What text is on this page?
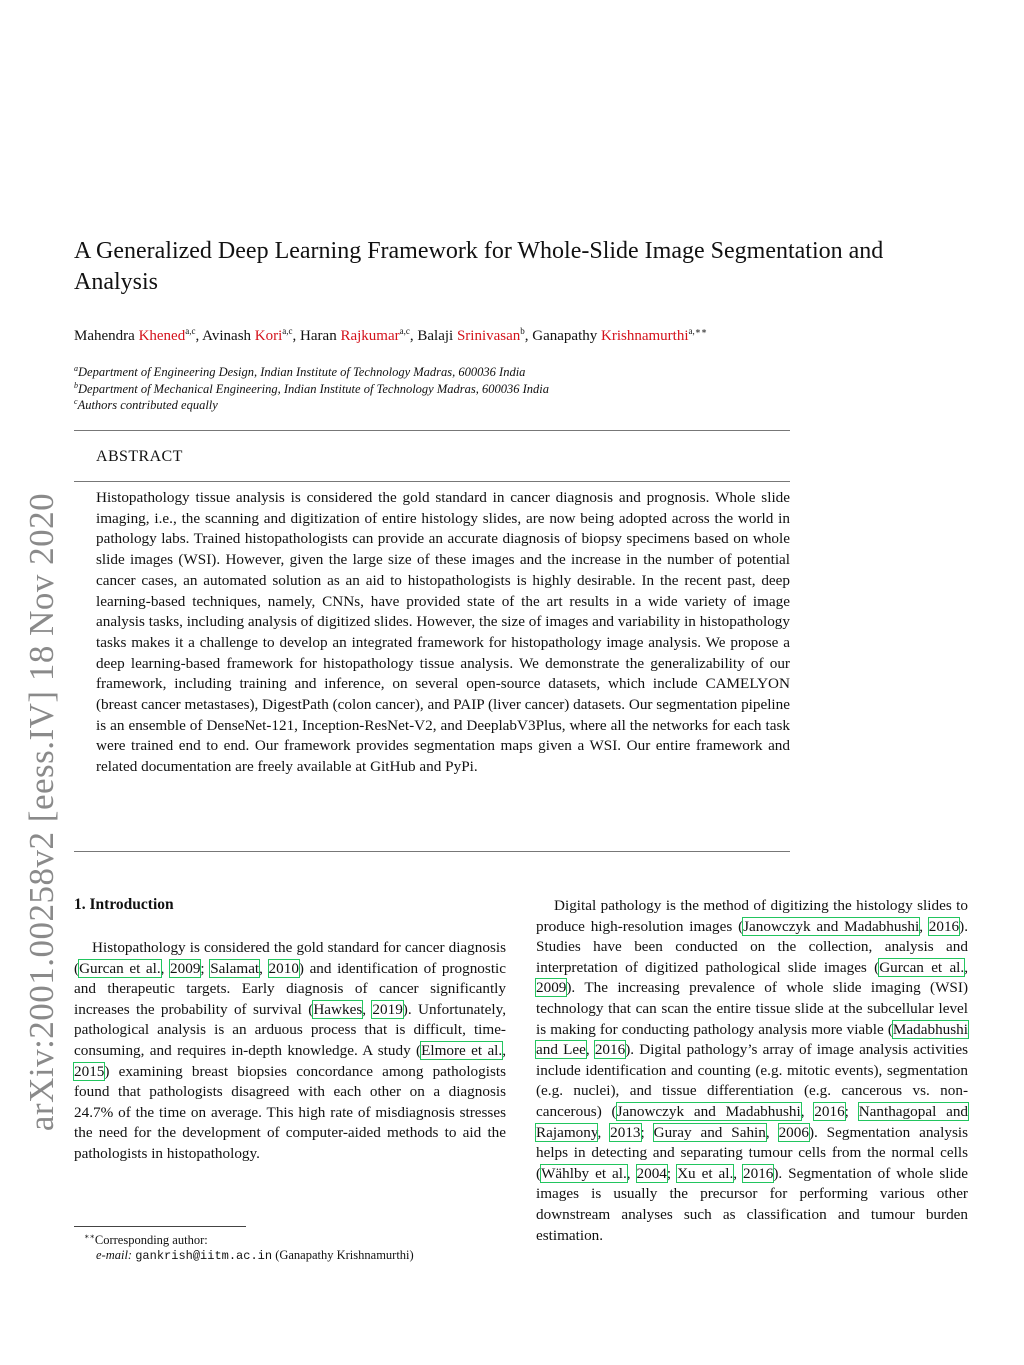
arXiv:2001.00258v2 [eess.IV] 18 Nov 2020
A Generalized Deep Learning Framework for Whole-Slide Image Segmentation and Analysis
Mahendra Khened$^{a,c}$, Avinash Kori$^{a,c}$, Haran Rajkumar$^{a,c}$, Balaji Srinivasan$^b$, Ganapathy Krishnamurthi$^{a,∗∗}$
$^a$Department of Engineering Design, Indian Institute of Technology Madras, 600036 India
$^b$Department of Mechanical Engineering, Indian Institute of Technology Madras, 600036 India
$^c$Authors contributed equally
ABSTRACT
Histopathology tissue analysis is considered the gold standard in cancer diagnosis and prognosis. Whole slide imaging, i.e., the scanning and digitization of entire histology slides, are now being adopted across the world in pathology labs. Trained histopathologists can provide an accurate diagnosis of biopsy specimens based on whole slide images (WSI). However, given the large size of these images and the increase in the number of potential cancer cases, an automated solution as an aid to histopathologists is highly desirable. In the recent past, deep learning-based techniques, namely, CNNs, have provided state of the art results in a wide variety of image analysis tasks, including analysis of digitized slides. However, the size of images and variability in histopathology tasks makes it a challenge to develop an integrated framework for histopathology image analysis. We propose a deep learning-based framework for histopathology tissue analysis. We demonstrate the generalizability of our framework, including training and inference, on several open-source datasets, which include CAMELYON (breast cancer metastases), DigestPath (colon cancer), and PAIP (liver cancer) datasets. Our segmentation pipeline is an ensemble of DenseNet-121, Inception-ResNet-V2, and DeeplabV3Plus, where all the networks for each task were trained end to end. Our framework provides segmentation maps given a WSI. Our entire framework and related documentation are freely available at GitHub and PyPi.
1. Introduction
Histopathology is considered the gold standard for cancer diagnosis (Gurcan et al., 2009; Salamat, 2010) and identification of prognostic and therapeutic targets. Early diagnosis of cancer significantly increases the probability of survival (Hawkes, 2019). Unfortunately, pathological analysis is an arduous process that is difficult, time-consuming, and requires in-depth knowledge. A study (Elmore et al., 2015) examining breast biopsies concordance among pathologists found that pathologists disagreed with each other on a diagnosis 24.7% of the time on average. This high rate of misdiagnosis stresses the need for the development of computer-aided methods to aid the pathologists in histopathology.
Digital pathology is the method of digitizing the histology slides to produce high-resolution images (Janowczyk and Madabhushi, 2016). Studies have been conducted on the collection, analysis and interpretation of digitized pathological slide images (Gurcan et al., 2009). The increasing prevalence of whole slide imaging (WSI) technology that can scan the entire tissue slide at the subcellular level is making for conducting pathology analysis more viable (Madabhushi and Lee, 2016). Digital pathology’s array of image analysis activities include identification and counting (e.g. mitotic events), segmentation (e.g. nuclei), and tissue differentiation (e.g. cancerous vs. non-cancerous) (Janowczyk and Madabhushi, 2016; Nanthagopal and Rajamony, 2013; Guray and Sahin, 2006). Segmentation analysis helps in detecting and separating tumour cells from the normal cells (Wählby et al., 2004; Xu et al., 2016). Segmentation of whole slide images is usually the precursor for performing various other downstream analyses such as classification and tumour burden estimation.
∗∗Corresponding author:
e-mail: gankrish@iitm.ac.in (Ganapathy Krishnamurthi)
